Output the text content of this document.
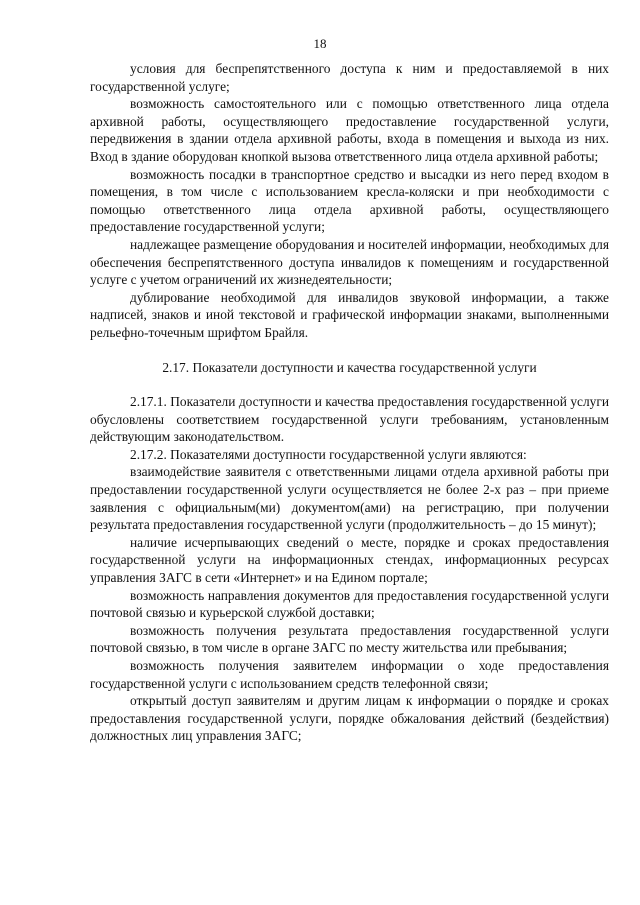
18

условия для беспрепятственного доступа к ним и предоставляемой в них государственной услуге;

возможность самостоятельного или с помощью ответственного лица отдела архивной работы, осуществляющего предоставление государственной услуги, передвижения в здании отдела архивной работы, входа в помещения и выхода из них. Вход в здание оборудован кнопкой вызова ответственного лица отдела архивной работы;

возможность посадки в транспортное средство и высадки из него перед входом в помещения, в том числе с использованием кресла-коляски и при необходимости с помощью ответственного лица отдела архивной работы, осуществляющего предоставление государственной услуги;

надлежащее размещение оборудования и носителей информации, необходимых для обеспечения беспрепятственного доступа инвалидов к помещениям и государственной услуге с учетом ограничений их жизнедеятельности;

дублирование необходимой для инвалидов звуковой информации, а также надписей, знаков и иной текстовой и графической информации знаками, выполненными рельефно-точечным шрифтом Брайля.

2.17. Показатели доступности и качества государственной услуги

2.17.1. Показатели доступности и качества предоставления государственной услуги обусловлены соответствием государственной услуги требованиям, установленным действующим законодательством.

2.17.2. Показателями доступности государственной услуги являются:

взаимодействие заявителя с ответственными лицами отдела архивной работы при предоставлении государственной услуги осуществляется не более 2-х раз – при приеме заявления с официальным(ми) документом(ами) на регистрацию, при получении результата предоставления государственной услуги (продолжительность – до 15 минут);

наличие исчерпывающих сведений о месте, порядке и сроках предоставления государственной услуги на информационных стендах, информационных ресурсах управления ЗАГС в сети «Интернет» и на Едином портале;

возможность направления документов для предоставления государственной услуги почтовой связью и курьерской службой доставки;

возможность получения результата предоставления государственной услуги почтовой связью, в том числе в органе ЗАГС по месту жительства или пребывания;

возможность получения заявителем информации о ходе предоставления государственной услуги с использованием средств телефонной связи;

открытый доступ заявителям и другим лицам к информации о порядке и сроках предоставления государственной услуги, порядке обжалования действий (бездействия) должностных лиц управления ЗАГС;
